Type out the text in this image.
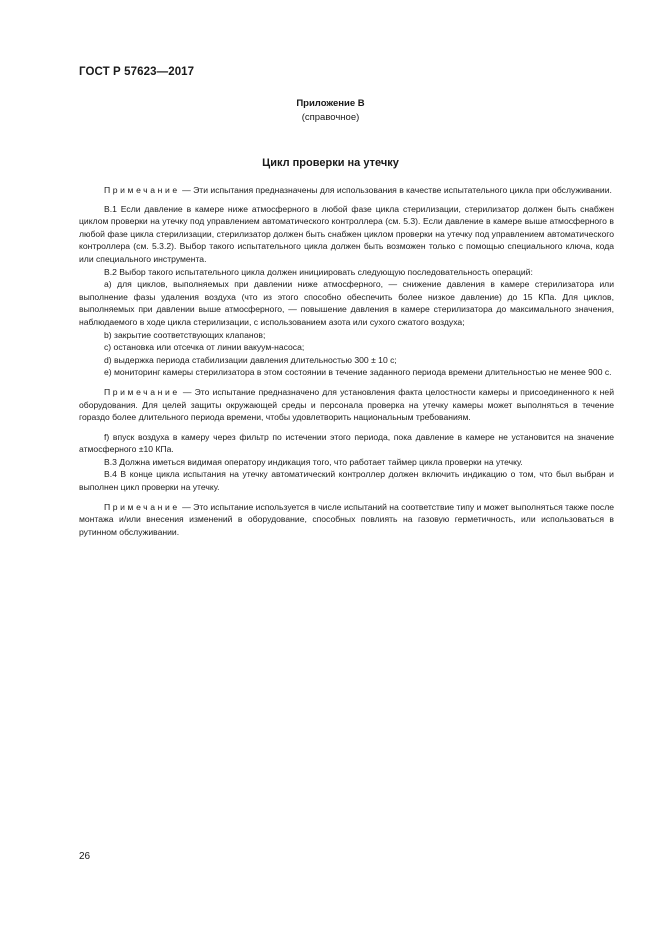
ГОСТ Р 57623—2017
Приложение В
(справочное)
Цикл проверки на утечку

Примечание — Эти испытания предназначены для использования в качестве испытательного цикла при обслуживании.

В.1 Если давление в камере ниже атмосферного в любой фазе цикла стерилизации, стерилизатор должен быть снабжен циклом проверки на утечку под управлением автоматического контроллера (см. 5.3). Если давление в камере выше атмосферного в любой фазе цикла стерилизации, стерилизатор должен быть снабжен циклом проверки на утечку под управлением автоматического контроллера (см. 5.3.2). Выбор такого испытательного цикла должен быть возможен только с помощью специального ключа, кода или специального инструмента.

В.2 Выбор такого испытательного цикла должен инициировать следующую последовательность операций:

а) для циклов, выполняемых при давлении ниже атмосферного, — снижение давления в камере стерилизатора или выполнение фазы удаления воздуха (что из этого способно обеспечить более низкое давление) до 15 КПа. Для циклов, выполняемых при давлении выше атмосферного, — повышение давления в камере стерилизатора до максимального значения, наблюдаемого в ходе цикла стерилизации, с использованием азота или сухого сжатого воздуха;

b) закрытие соответствующих клапанов;

c) остановка или отсечка от линии вакуум-насоса;

d) выдержка периода стабилизации давления длительностью 300 ± 10 с;

e) мониторинг камеры стерилизатора в этом состоянии в течение заданного периода времени длительностью не менее 900 с.

Примечание — Это испытание предназначено для установления факта целостности камеры и присоединенного к ней оборудования. Для целей защиты окружающей среды и персонала проверка на утечку камеры может выполняться в течение гораздо более длительного периода времени, чтобы удовлетворить национальным требованиям.

f) впуск воздуха в камеру через фильтр по истечении этого периода, пока давление в камере не установится на значение атмосферного ±10 КПа.

В.3 Должна иметься видимая оператору индикация того, что работает таймер цикла проверки на утечку.

В.4 В конце цикла испытания на утечку автоматический контроллер должен включить индикацию о том, что был выбран и выполнен цикл проверки на утечку.

Примечание — Это испытание используется в числе испытаний на соответствие типу и может выполняться также после монтажа и/или внесения изменений в оборудование, способных повлиять на газовую герметичность, или использоваться в рутинном обслуживании.

26
